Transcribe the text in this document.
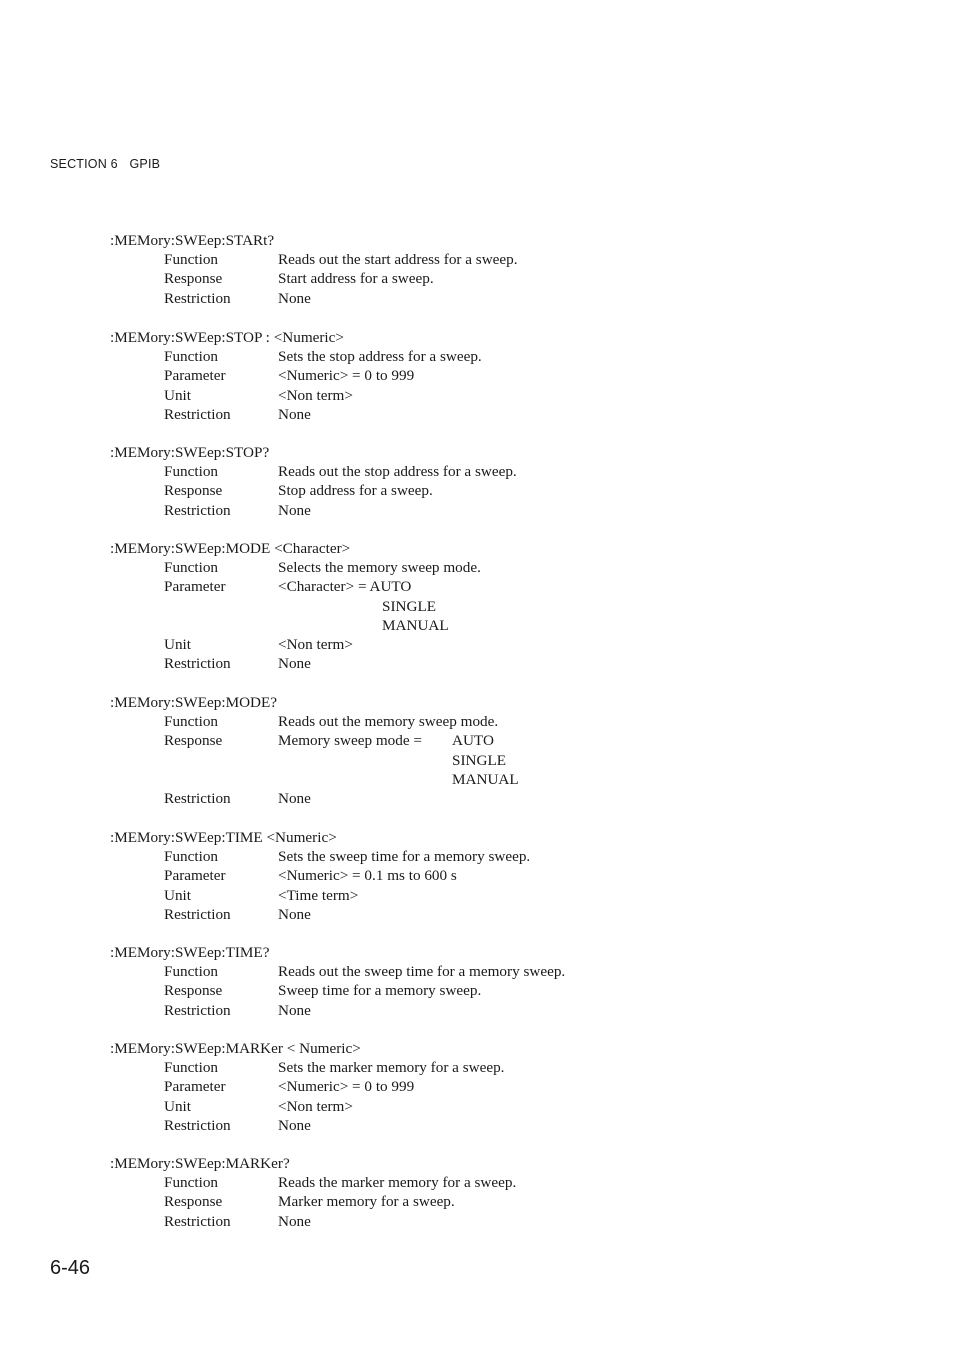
SECTION 6 GPIB
:MEMory:SWEep:STARt?
Function	Reads out the start address for a sweep.
Response	Start address for a sweep.
Restriction	None
:MEMory:SWEep:STOP : <Numeric>
Function	Sets the stop address for a sweep.
Parameter	<Numeric> = 0 to 999
Unit	<Non term>
Restriction	None
:MEMory:SWEep:STOP?
Function	Reads out the stop address for a sweep.
Response	Stop address for a sweep.
Restriction	None
:MEMory:SWEep:MODE <Character>
Function	Selects the memory sweep mode.
Parameter	<Character> = AUTO
SINGLE
MANUAL
Unit	<Non term>
Restriction	None
:MEMory:SWEep:MODE?
Function	Reads out the memory sweep mode.
Response	Memory sweep mode = AUTO
SINGLE
MANUAL
Restriction	None
:MEMory:SWEep:TIME <Numeric>
Function	Sets the sweep time for a memory sweep.
Parameter	<Numeric> = 0.1 ms to 600 s
Unit	<Time term>
Restriction	None
:MEMory:SWEep:TIME?
Function	Reads out the sweep time for a memory sweep.
Response	Sweep time for a memory sweep.
Restriction	None
:MEMory:SWEep:MARKer < Numeric>
Function	Sets the marker memory for a sweep.
Parameter	<Numeric> = 0 to 999
Unit	<Non term>
Restriction	None
:MEMory:SWEep:MARKer?
Function	Reads the marker memory for a sweep.
Response	Marker memory for a sweep.
Restriction	None
6-46
